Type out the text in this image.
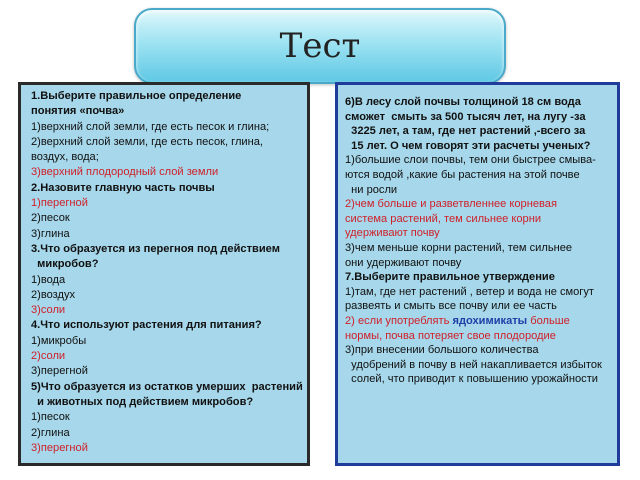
Тест
1.Выберите правильное определение
понятия «почва»
1)верхний слой земли, где есть песок и глина;
2)верхний слой земли, где есть песок, глина,
воздух, вода;
3)верхний плодородный слой земли
2.Назовите главную часть почвы
1)перегной
2)песок
3)глина
3.Что образуется из перегноя под действием
микробов?
1)вода
2)воздух
3)соли
4.Что используют растения для питания?
1)микробы
2)соли
3)перегной
5)Что образуется из остатков умерших  растений
и животных под действием микробов?
1)песок
2)глина
3)перегной
6)В лесу слой почвы толщиной 18 см вода
сможет  смыть за 500 тысяч лет, на лугу -за
3225 лет, а там, где нет растений ,-всего за
15 лет. О чем говорят эти расчеты ученых?
1)большие слои почвы, тем они быстрее смыва-
ются водой ,какие бы растения на этой почве
ни росли
2)чем больше и разветвленнее корневая
система растений, тем сильнее корни
удерживают почву
3)чем меньше корни растений, тем сильнее
они удерживают почву
7.Выберите правильное утверждение
1)там, где нет растений , ветер и вода не смогут
развеять и смыть все почву или ее часть
2) если употреблять ядохимикаты больше
нормы, почва потеряет свое плодородие
3)при внесении большого количества
удобрений в почву в ней накапливается избыток
солей, что приводит к повышению урожайности
